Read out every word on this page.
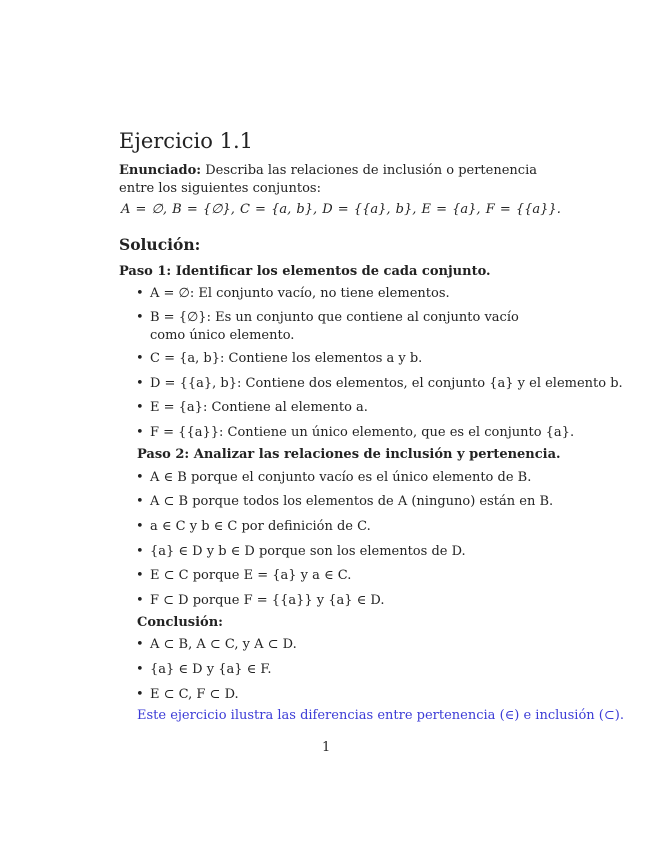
Ejercicio 1.1
Enunciado: Describa las relaciones de inclusión o pertenencia entre los siguientes conjuntos:
A = ∅, B = {∅}, C = {a, b}, D = {{a}, b}, E = {a}, F = {{a}}.
Solución:
Paso 1: Identificar los elementos de cada conjunto.
• A = ∅: El conjunto vacío, no tiene elementos.
• B = {∅}: Es un conjunto que contiene al conjunto vacío como único elemento.
• C = {a, b}: Contiene los elementos a y b.
• D = {{a}, b}: Contiene dos elementos, el conjunto {a} y el elemento b.
• E = {a}: Contiene al elemento a.
• F = {{a}}: Contiene un único elemento, que es el conjunto {a}.
Paso 2: Analizar las relaciones de inclusión y pertenencia.
• A ∈ B porque el conjunto vacío es el único elemento de B.
• A ⊂ B porque todos los elementos de A (ninguno) están en B.
• a ∈ C y b ∈ C por definición de C.
• {a} ∈ D y b ∈ D porque son los elementos de D.
• E ⊂ C porque E = {a} y a ∈ C.
• F ⊂ D porque F = {{a}} y {a} ∈ D.
Conclusión:
• A ⊂ B, A ⊂ C, y A ⊂ D.
• {a} ∈ D y {a} ∈ F.
• E ⊂ C, F ⊂ D.
Este ejercicio ilustra las diferencias entre pertenencia (∈) e inclusión (⊂).
1
